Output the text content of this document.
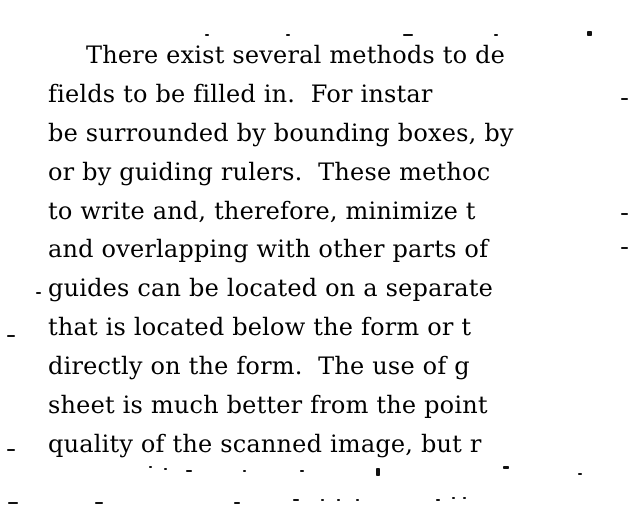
There exist several methods to de
fields to be filled in.  For instar
be surrounded by bounding boxes, by
or by guiding rulers.  These methoc
to write and, therefore, minimize t
and overlapping with other parts of
guides can be located on a separate
that is located below the form or t
directly on the form.  The use of g
sheet is much better from the point
quality of the scanned image, but r
